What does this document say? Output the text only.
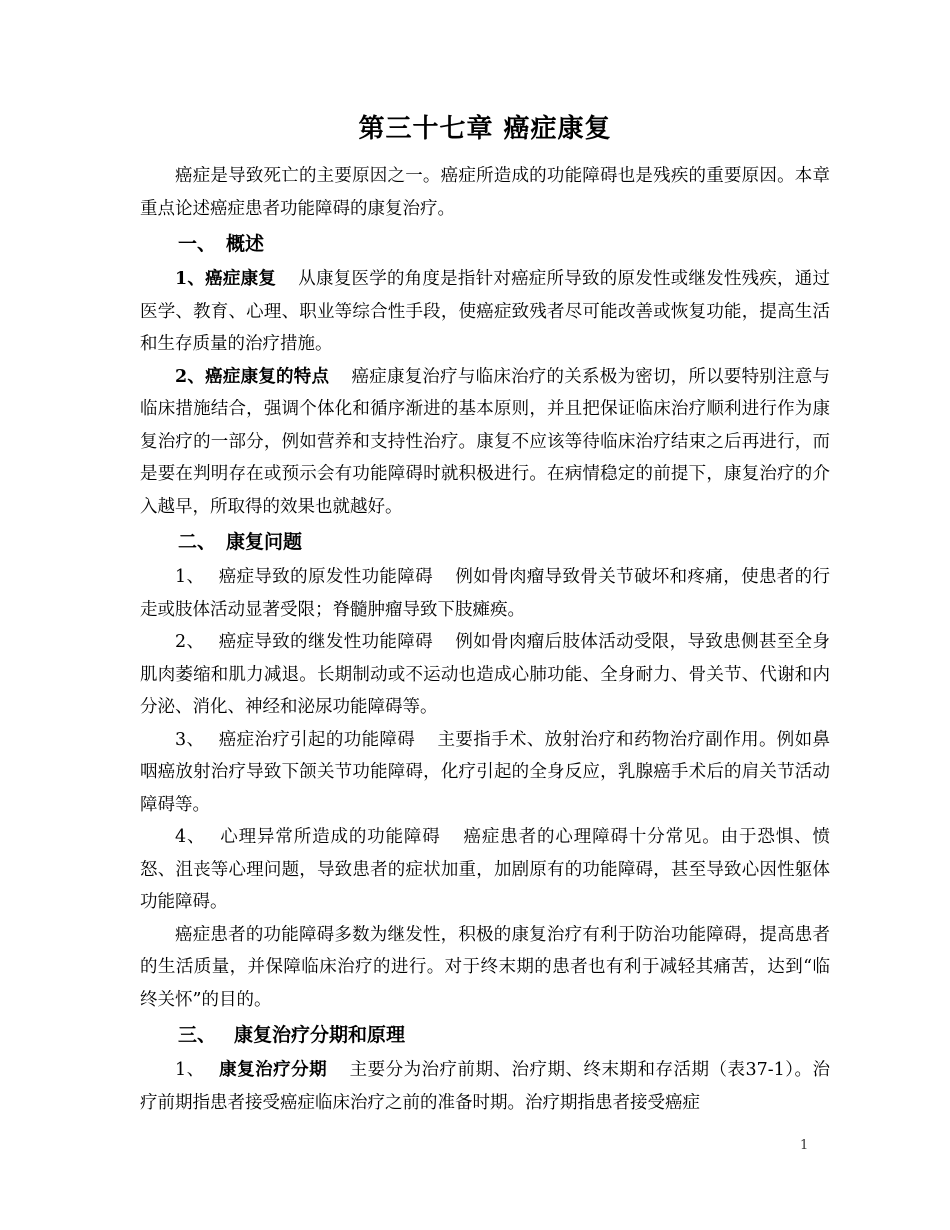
第三十七章 癌症康复

癌症是导致死亡的主要原因之一。癌症所造成的功能障碍也是残疾的重要原因。本章重点论述癌症患者功能障碍的康复治疗。

一、 概述

1、癌症康复 从康复医学的角度是指针对癌症所导致的原发性或继发性残疾，通过医学、教育、心理、职业等综合性手段，使癌症致残者尽可能改善或恢复功能，提高生活和生存质量的治疗措施。

2、癌症康复的特点 癌症康复治疗与临床治疗的关系极为密切，所以要特别注意与临床措施结合，强调个体化和循序渐进的基本原则，并且把保证临床治疗顺利进行作为康复治疗的一部分，例如营养和支持性治疗。康复不应该等待临床治疗结束之后再进行，而是要在判明存在或预示会有功能障碍时就积极进行。在病情稳定的前提下，康复治疗的介入越早，所取得的效果也就越好。

二、 康复问题

1、 癌症导致的原发性功能障碍 例如骨肉瘤导致骨关节破坏和疼痛，使患者的行走或肢体活动显著受限；脊髓肿瘤导致下肢瘫痪。

2、 癌症导致的继发性功能障碍 例如骨肉瘤后肢体活动受限，导致患侧甚至全身肌肉萎缩和肌力减退。长期制动或不运动也造成心肺功能、全身耐力、骨关节、代谢和内分泌、消化、神经和泌尿功能障碍等。

3、 癌症治疗引起的功能障碍 主要指手术、放射治疗和药物治疗副作用。例如鼻咽癌放射治疗导致下颌关节功能障碍，化疗引起的全身反应，乳腺癌手术后的肩关节活动障碍等。

4、 心理异常所造成的功能障碍 癌症患者的心理障碍十分常见。由于恐惧、愤怒、沮丧等心理问题，导致患者的症状加重，加剧原有的功能障碍，甚至导致心因性躯体功能障碍。

癌症患者的功能障碍多数为继发性，积极的康复治疗有利于防治功能障碍，提高患者的生活质量，并保障临床治疗的进行。对于终末期的患者也有利于减轻其痛苦，达到“临终关怀”的目的。

三、 康复治疗分期和原理

1、 康复治疗分期 主要分为治疗前期、治疗期、终末期和存活期（表37-1）。治疗前期指患者接受癌症临床治疗之前的准备时期。治疗期指患者接受癌症

1
